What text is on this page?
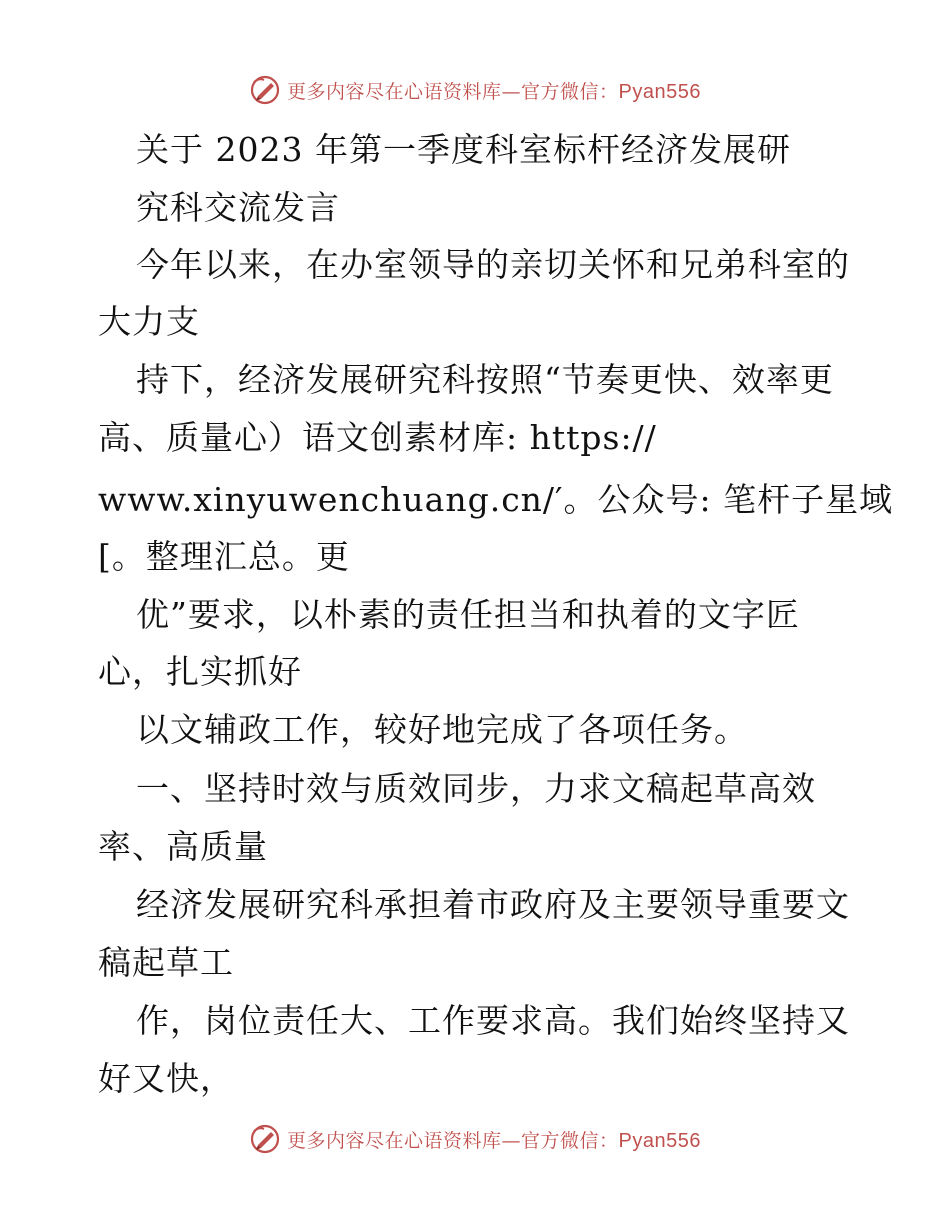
更多内容尽在心语资料库—官方微信：Pyan556
关于 2023 年第一季度科室标杆经济发展研
究科交流发言
今年以来，在办室领导的亲切关怀和兄弟科室的
大力支
持下，经济发展研究科按照“节奏更快、效率更
高、质量心）语文创素材库: https://
www.xinyuwenchuang.cn/′。公众号: 笔杆子星域
[。整理汇总。更
优”要求，以朴素的责任担当和执着的文字匠
心，扎实抓好
以文辅政工作，较好地完成了各项任务。
一、坚持时效与质效同步，力求文稿起草高效
率、高质量
经济发展研究科承担着市政府及主要领导重要文
稿起草工
作，岗位责任大、工作要求高。我们始终坚持又
好又快，
更多内容尽在心语资料库—官方微信：Pyan556
